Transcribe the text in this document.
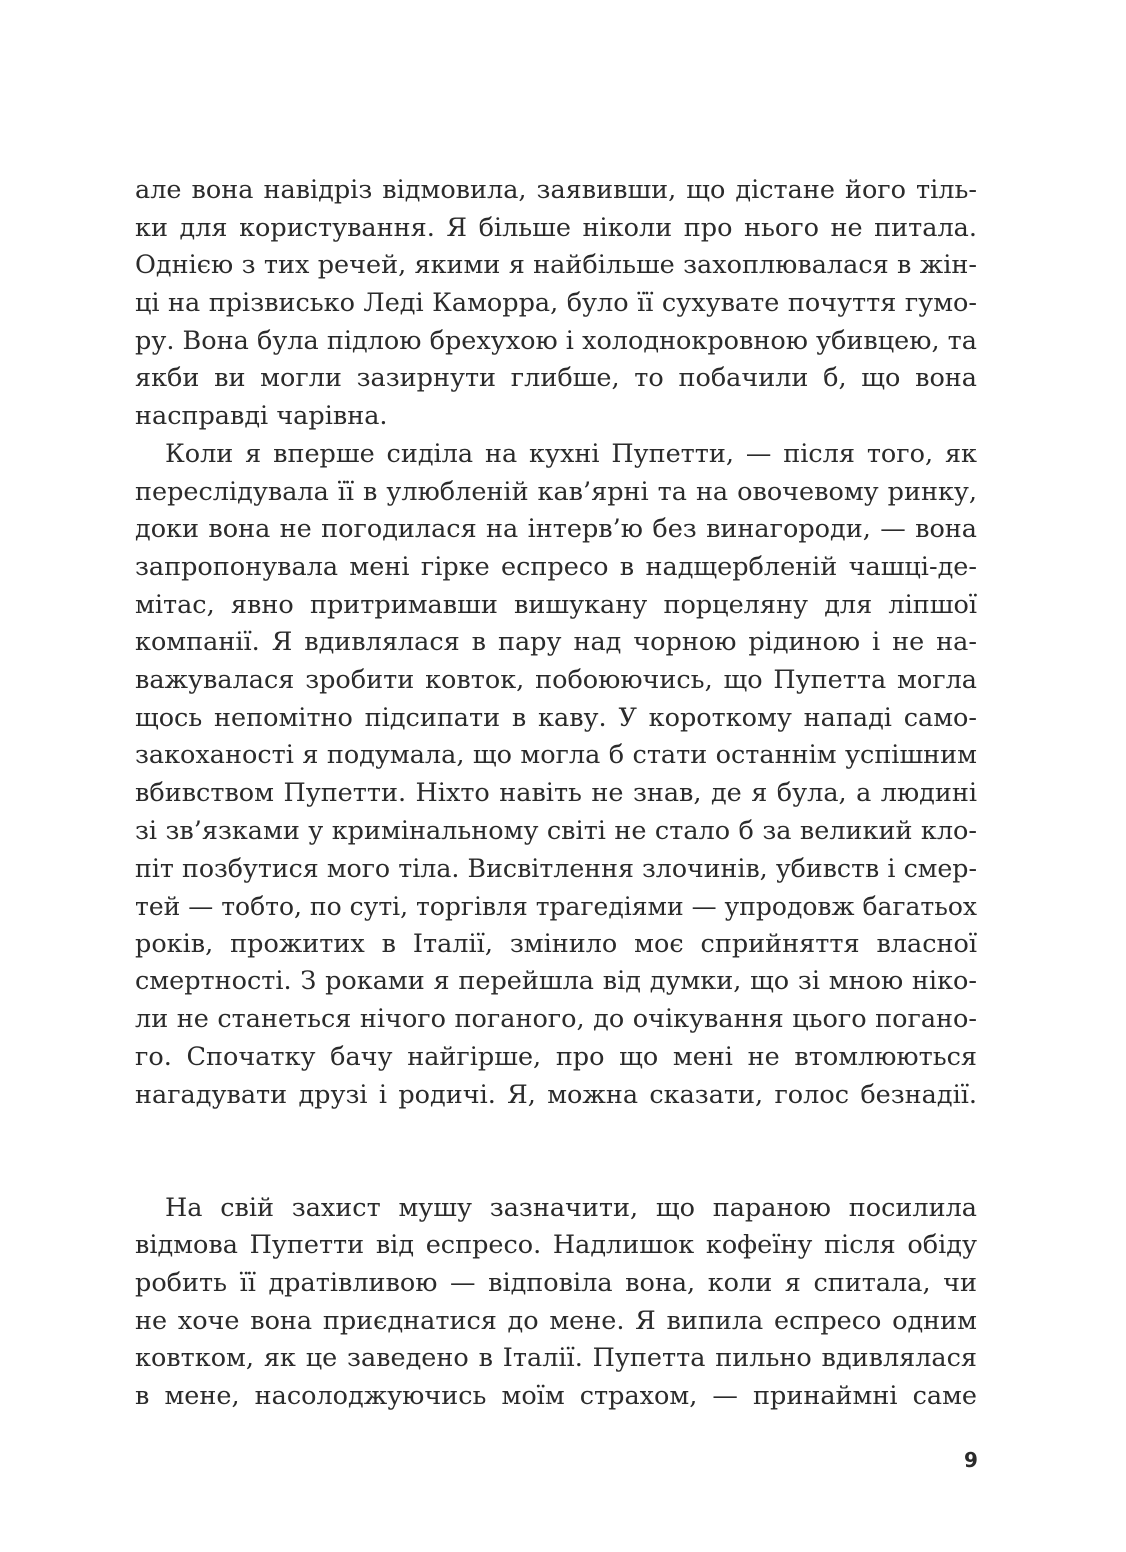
але вона навідріз відмовила, заявивши, що дістане його тіль-
ки для користування. Я більше ніколи про нього не питала.
Однією з тих речей, якими я найбільше захоплювалася в жін-
ці на прізвисько Леді Каморра, було її сухувате почуття гумо-
ру. Вона була підлою брехухою і холоднокровною убивцею, та
якби ви могли зазирнути глибше, то побачили б, що вона
насправді чарівна.
Коли я вперше сиділа на кухні Пупетти, — після того, як
переслідувала її в улюбленій кав’ярні та на овочевому ринку,
доки вона не погодилася на інтерв’ю без винагороди, — вона
запропонувала мені гірке еспресо в надщербленій чашці-де-
мітас, явно притримавши вишукану порцеляну для ліпшої
компанії. Я вдивлялася в пару над чорною рідиною і не на-
важувалася зробити ковток, побоюючись, що Пупетта могла
щось непомітно підсипати в каву. У короткому нападі само-
закоханості я подумала, що могла б стати останнім успішним
вбивством Пупетти. Ніхто навіть не знав, де я була, а людині
зі зв’язками у кримінальному світі не стало б за великий кло-
піт позбутися мого тіла. Висвітлення злочинів, убивств і смер-
тей — тобто, по суті, торгівля трагедіями — упродовж багатьох
років, прожитих в Італії, змінило моє сприйняття власної
смертності. З роками я перейшла від думки, що зі мною ніко-
ли не станеться нічого поганого, до очікування цього погано-
го. Спочатку бачу найгірше, про що мені не втомлюються
нагадувати друзі і родичі. Я, можна сказати, голос безнадії.
На свій захист мушу зазначити, що параною посилила
відмова Пупетти від еспресо. Надлишок кофеїну після обіду
робить її дратівливою — відповіла вона, коли я спитала, чи
не хоче вона приєднатися до мене. Я випила еспресо одним
ковтком, як це заведено в Італії. Пупетта пильно вдивлялася
в мене, насолоджуючись моїм страхом, — принаймні саме
9
